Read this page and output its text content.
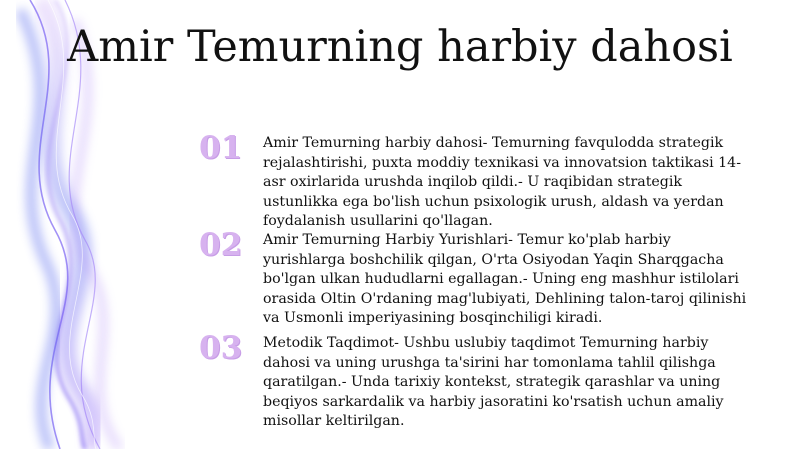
Amir Temurning harbiy dahosi
01	Amir Temurning harbiy dahosi- Temurning favqulodda strategik rejalashtirishi, puxta moddiy texnikasi va innovatsion taktikasi 14-asr oxirlarida urushda inqilob qildi.- U raqibidan strategik ustunlikka ega bo'lish uchun psixologik urush, aldash va yerdan foydalanish usullarini qo'llagan.
02	Amir Temurning Harbiy Yurishlari- Temur ko'plab harbiy yurishlarga boshchilik qilgan, O'rta Osiyodan Yaqin Sharqgacha bo'lgan ulkan hududlarni egallagan.- Uning eng mashhur istilolari orasida Oltin O'rdaning mag'lubiyati, Dehlining talon-taroj qilinishi va Usmonli imperiyasining bosqinchiligi kiradi.
03	Metodik Taqdimot- Ushbu uslubiy taqdimot Temurning harbiy dahosi va uning urushga ta'sirini har tomonlama tahlil qilishga qaratilgan.- Unda tarixiy kontekst, strategik qarashlar va uning beqiyos sarkardalik va harbiy jasoratini ko'rsatish uchun amaliy misollar keltirilgan.
